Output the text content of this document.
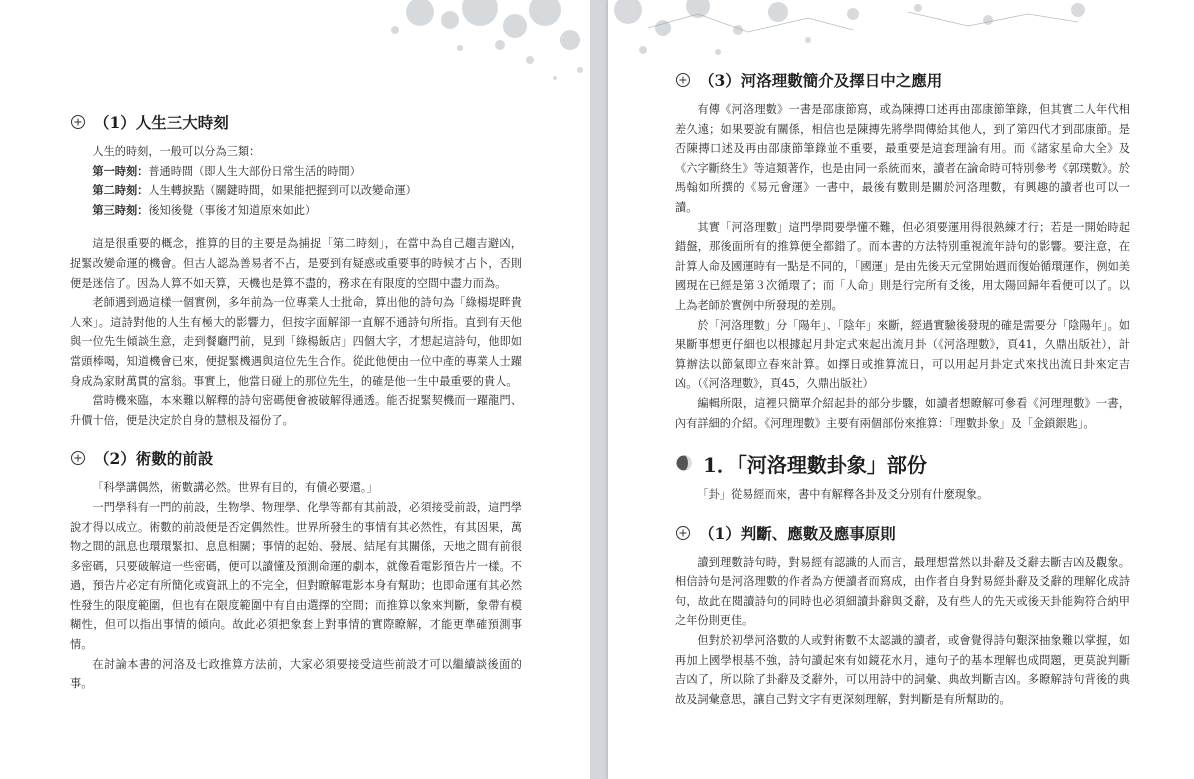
（1）人生三大時刻

人生的時刻，一般可以分為三類：

第一時刻：普通時間（即人生大部份日常生活的時間）

第二時刻：人生轉捩點（關鍵時間，如果能把握到可以改變命運）

第三時刻：後知後覺（事後才知道原來如此）

這是很重要的概念，推算的目的主要是為捕捉「第二時刻」，在當中為自己趨吉避凶，捉緊改變命運的機會。但古人認為善易者不占，是要到有疑惑或重要事的時候才占卜，否則便是迷信了。因為人算不如天算，天機也是算不盡的，務求在有限度的空間中盡力而為。

老師遇到過這樣一個實例，多年前為一位專業人士批命，算出他的詩句為「綠楊堤畔貴人來」。這詩對他的人生有極大的影響力，但按字面解卻一直解不通詩句所指。直到有天他與一位先生傾談生意，走到餐廳門前，見到「綠楊飯店」四個大字，才想起這詩句，他即如當頭棒喝，知道機會已來，便捉緊機遇與這位先生合作。從此他便由一位中產的專業人士躍身成為家財萬貫的富翁。事實上，他當日碰上的那位先生，的確是他一生中最重要的貴人。

當時機來臨，本來難以解釋的詩句密碼便會被破解得通透。能否捉緊契機而一躍龍門、升價十倍，便是決定於自身的慧根及福份了。

（2）術數的前設

「科學講偶然，術數講必然。世界有目的，有債必要還。」

一門學科有一門的前設，生物學、物理學、化學等都有其前設，必須接受前設，這門學說才得以成立。術數的前設便是否定偶然性。世界所發生的事情有其必然性，有其因果，萬物之間的訊息也環環緊扣、息息相關；事情的起始、發展、結尾有其關係，天地之間有前很多密碼，只要破解這一些密碼，便可以讀懂及預測命運的劇本，就像看電影預告片一樣。不過，預告片必定有所簡化或資訊上的不完全，但對瞭解電影本身有幫助；也即命運有其必然性發生的限度範圍，但也有在限度範圍中有自由選擇的空間；而推算以象來判斷，象帶有模糊性，但可以指出事情的傾向。故此必須把象套上對事情的實際瞭解，才能更準確預測事情。

在討論本書的河洛及七政推算方法前，大家必須要接受這些前設才可以繼續談後面的事。

（3）河洛理數簡介及擇日中之應用

有傳《河洛理數》一書是邵康節寫，或為陳摶口述再由邵康節筆錄，但其實二人年代相差久遠；如果要說有關係，相信也是陳摶先將學問傳給其他人，到了第四代才到邵康節。是否陳摶口述及再由邵康節筆錄並不重要，最重要是這套理論有用。而《諸家星命大全》及《六字斷終生》等這類著作，也是由同一系統而來，讀者在論命時可特別參考《郭璞數》。於馬翰如所撰的《易元會運》一書中，最後有數則是關於河洛理數，有興趣的讀者也可以一讀。

其實「河洛理數」這門學問要學懂不難，但必須要運用得很熟練才行；若是一開始時起錯盤，那後面所有的推算便全都錯了。而本書的方法特別重視流年詩句的影響。要注意，在計算人命及國運時有一點是不同的，「國運」是由先後天元堂開始週而復始循環運作，例如美國現在已經是第３次循環了；而「人命」則是行完所有爻後，用太陽回歸年看便可以了。以上為老師於實例中所發現的差別。

於「河洛理數」分「陽年」、「陰年」來斷，經過實驗後發現的確是需要分「陰陽年」。如果斷事想更仔細也以根據起月卦定式來起出流月卦（《河洛理數》，頁41，久鼎出版社），計算辦法以節氣即立春來計算。如擇日或推算流日，可以用起月卦定式來找出流日卦來定吉凶。（《河洛理數》，頁45，久鼎出版社）

編輯所限，這裡只簡單介紹起卦的部分步驟，如讀者想瞭解可參看《河理理數》一書，內有詳細的介紹。《河理理數》主要有兩個部份來推算：「理數卦象」及「金鎖銀匙」。

1．「河洛理數卦象」部份

「卦」從易經而來，書中有解釋各卦及爻分別有什麼現象。

（1）判斷、應數及應事原則

讀到理數詩句時，對易經有認識的人而言，最理想當然以卦辭及爻辭去斷吉凶及觀象。相信詩句是河洛理數的作者為方便讀者而寫成，由作者自身對易經卦辭及爻辭的理解化成詩句，故此在閱讀詩句的同時也必須細讀卦辭與爻辭，及有些人的先天或後天卦能夠符合納甲之年份則更佳。

但對於初學河洛數的人或對術數不太認識的讀者，或會覺得詩句艱深抽象難以掌握，如再加上國學根基不強，詩句讀起來有如鏡花水月，連句子的基本理解也成問題，更莫說判斷吉凶了，所以除了卦辭及爻辭外，可以用詩中的詞彙、典故判斷吉凶。多瞭解詩句背後的典故及詞彙意思，讓自己對文字有更深刻理解，對判斷是有所幫助的。
